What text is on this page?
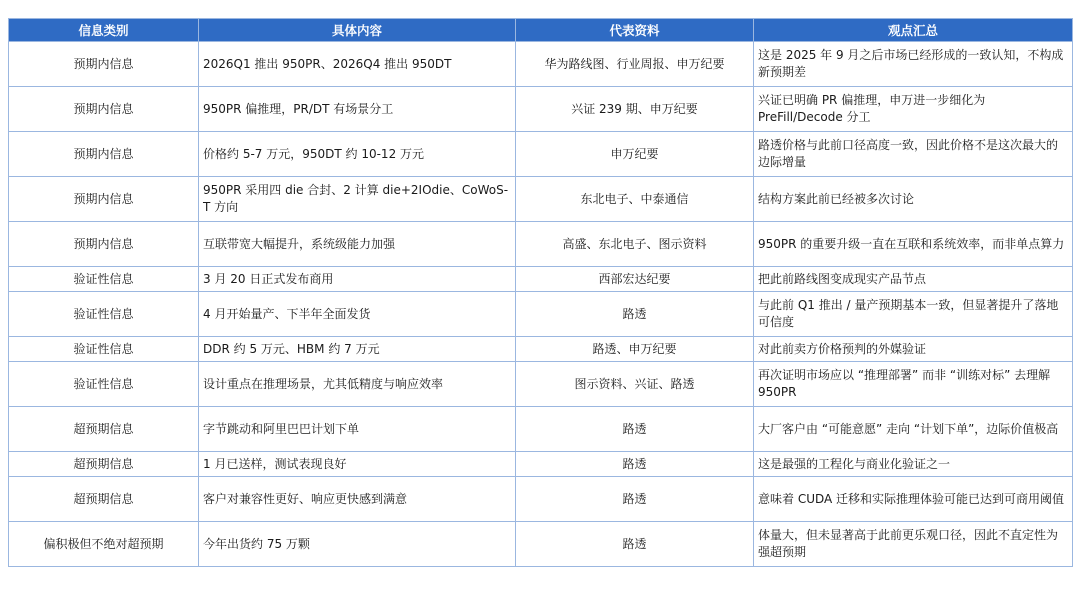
信息类别	具体内容	代表资料	观点汇总
预期内信息	2026Q1 推出 950PR、2026Q4 推出 950DT	华为路线图、行业周报、申万纪要	这是 2025 年 9 月之后市场已经形成的一致认知，不构成新预期差
预期内信息	950PR 偏推理，PR/DT 有场景分工	兴证 239 期、申万纪要	兴证已明确 PR 偏推理，申万进一步细化为 PreFill/Decode 分工
预期内信息	价格约 5-7 万元，950DT 约 10-12 万元	申万纪要	路透价格与此前口径高度一致，因此价格不是这次最大的边际增量
预期内信息	950PR 采用四 die 合封、2 计算 die+2IOdie、CoWoS-T 方向	东北电子、中泰通信	结构方案此前已经被多次讨论
预期内信息	互联带宽大幅提升，系统级能力加强	高盛、东北电子、图示资料	950PR 的重要升级一直在互联和系统效率，而非单点算力
验证性信息	3 月 20 日正式发布商用	西部宏达纪要	把此前路线图变成现实产品节点
验证性信息	4 月开始量产、下半年全面发货	路透	与此前 Q1 推出 / 量产预期基本一致，但显著提升了落地可信度
验证性信息	DDR 约 5 万元、HBM 约 7 万元	路透、申万纪要	对此前卖方价格预判的外媒验证
验证性信息	设计重点在推理场景，尤其低精度与响应效率	图示资料、兴证、路透	再次证明市场应以 “推理部署” 而非 “训练对标” 去理解 950PR
超预期信息	字节跳动和阿里巴巴计划下单	路透	大厂客户由 “可能意愿” 走向 “计划下单”，边际价值极高
超预期信息	1 月已送样，测试表现良好	路透	这是最强的工程化与商业化验证之一
超预期信息	客户对兼容性更好、响应更快感到满意	路透	意味着 CUDA 迁移和实际推理体验可能已达到可商用阈值
偏积极但不绝对超预期	今年出货约 75 万颗	路透	体量大，但未显著高于此前更乐观口径，因此不直定性为强超预期
